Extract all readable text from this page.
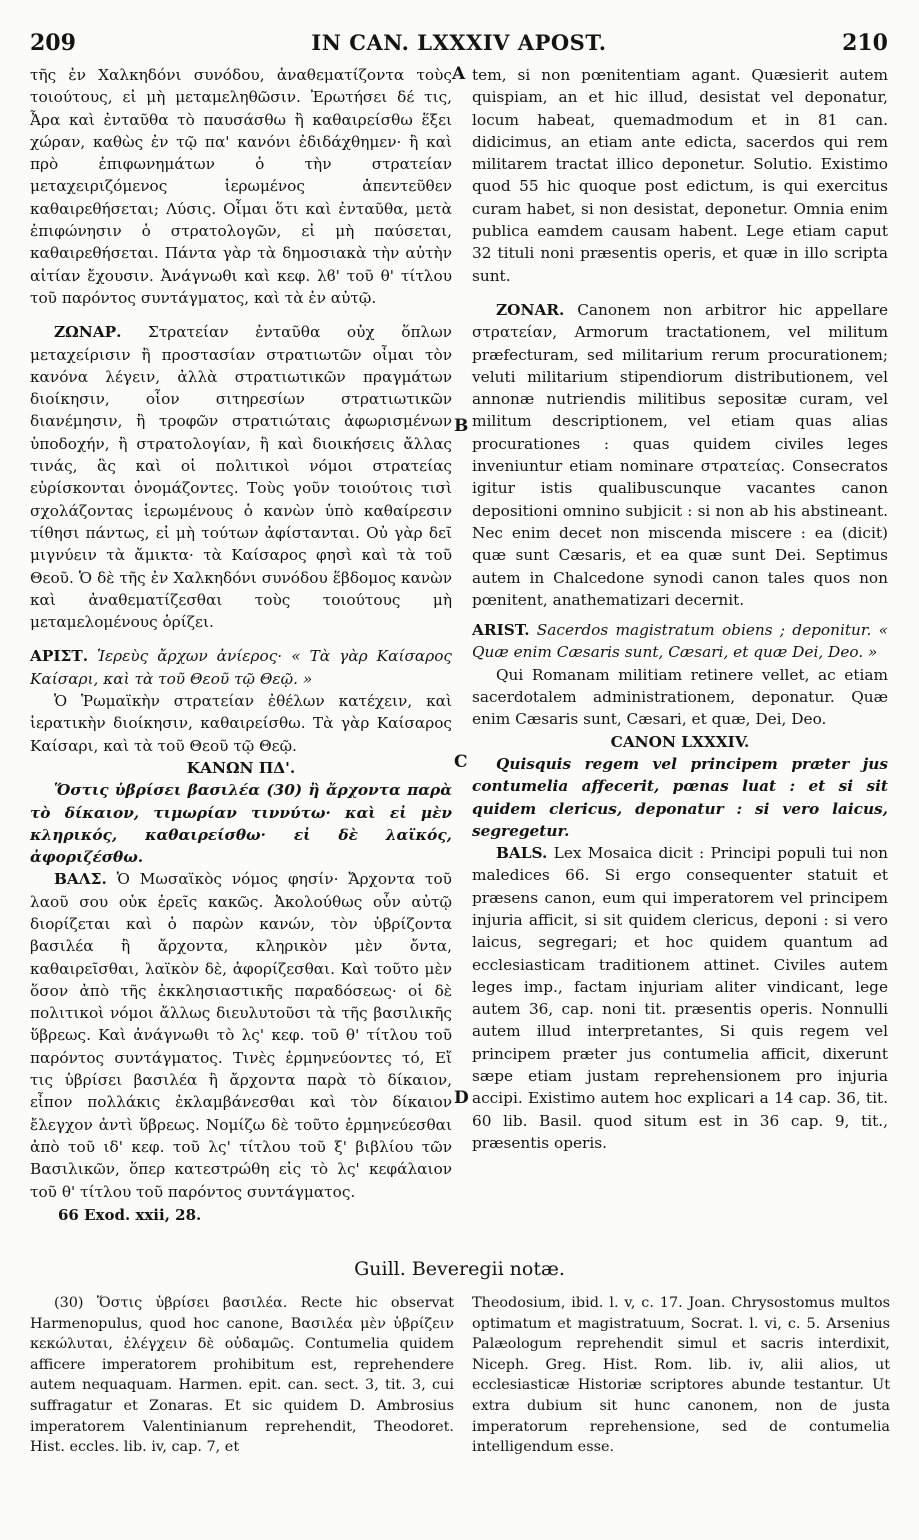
209	IN CAN. LXXXIV APOST.	210
A
B
C
D

τῆς ἐν Χαλκηδόνι συνόδου, ἀναθεματίζοντα τοὺς τοιούτους, εἰ μὴ μεταμεληθῶσιν. Ἐρωτήσει δέ τις, Ἆρα καὶ ἐνταῦθα τὸ παυσάσθω ἢ καθαιρείσθω ἕξει χώραν, καθὼς ἐν τῷ πα' κανόνι ἐδιδάχθημεν· ἢ καὶ πρὸ ἐπιφωνημάτων ὁ τὴν στρατείαν μεταχειριζόμενος ἱερωμένος ἀπεντεῦθεν καθαιρεθήσεται; Λύσις. Οἶμαι ὅτι καὶ ἐνταῦθα, μετὰ ἐπιφώνησιν ὁ στρατολογῶν, εἰ μὴ παύσεται, καθαιρεθήσεται. Πάντα γὰρ τὰ δημοσιακὰ τὴν αὐτὴν αἰτίαν ἔχουσιν. Ἀνάγνωθι καὶ κεφ. λϐ' τοῦ θ' τίτλου τοῦ παρόντος συντάγματος, καὶ τὰ ἐν αὐτῷ.

ΖΩΝΑΡ. Στρατείαν ἐνταῦθα οὐχ ὅπλων μεταχείρισιν ἢ προστασίαν στρατιωτῶν οἶμαι τὸν κανόνα λέγειν, ἀλλὰ στρατιωτικῶν πραγμάτων διοίκησιν, οἷον σιτηρεσίων στρατιωτικῶν διανέμησιν, ἢ τροφῶν στρατιώταις ἀφωρισμένων ὑποδοχήν, ἢ στρατολογίαν, ἢ καὶ διοικήσεις ἄλλας τινάς, ἃς καὶ οἱ πολιτικοὶ νόμοι στρατείας εὑρίσκονται ὀνομάζοντες. Τοὺς γοῦν τοιούτοις τισὶ σχολάζοντας ἱερωμένους ὁ κανὼν ὑπὸ καθαίρεσιν τίθησι πάντως, εἰ μὴ τούτων ἀφίστανται. Οὐ γὰρ δεῖ μιγνύειν τὰ ἄμικτα· τὰ Καίσαρος φησὶ καὶ τὰ τοῦ Θεοῦ. Ὁ δὲ τῆς ἐν Χαλκηδόνι συνόδου ἕβδομος κανὼν καὶ ἀναθεματίζεσθαι τοὺς τοιούτους μὴ μεταμελομένους ὁρίζει.

ΑΡΙΣΤ. Ἱερεὺς ἄρχων ἀνίερος· « Τὰ γὰρ Καίσαρος Καίσαρι, καὶ τὰ τοῦ Θεοῦ τῷ Θεῷ. »

Ὁ Ῥωμαϊκὴν στρατείαν ἐθέλων κατέχειν, καὶ ἱερατικὴν διοίκησιν, καθαιρείσθω. Τὰ γὰρ Καίσαρος Καίσαρι, καὶ τὰ τοῦ Θεοῦ τῷ Θεῷ.

ΚΑΝΩΝ ΠΔ'.

Ὅστις ὑβρίσει βασιλέα (30) ἢ ἄρχοντα παρὰ τὸ δίκαιον, τιμωρίαν τιννύτω· καὶ εἰ μὲν κληρικός, καθαιρείσθω· εἰ δὲ λαϊκός, ἀφοριζέσθω.

ΒΑΛΣ. Ὁ Μωσαϊκὸς νόμος φησίν· Ἄρχοντα τοῦ λαοῦ σου οὐκ ἐρεῖς κακῶς. Ἀκολούθως οὖν αὐτῷ διορίζεται καὶ ὁ παρὼν κανών, τὸν ὑβρίζοντα βασιλέα ἢ ἄρχοντα, κληρικὸν μὲν ὄντα, καθαιρεῖσθαι, λαϊκὸν δὲ, ἀφορίζεσθαι. Καὶ τοῦτο μὲν ὅσον ἀπὸ τῆς ἐκκλησιαστικῆς παραδόσεως· οἱ δὲ πολιτικοὶ νόμοι ἄλλως διευλυτοῦσι τὰ τῆς βασιλικῆς ὕβρεως. Καὶ ἀνάγνωθι τὸ λς' κεφ. τοῦ θ' τίτλου τοῦ παρόντος συντάγματος. Τινὲς ἑρμηνεύοντες τό, Εἴ τις ὑβρίσει βασιλέα ἢ ἄρχοντα παρὰ τὸ δίκαιον, εἶπον πολλάκις ἐκλαμβάνεσθαι καὶ τὸν δίκαιον ἔλεγχον ἀντὶ ὕβρεως. Νομίζω δὲ τοῦτο ἑρμηνεύεσθαι ἀπὸ τοῦ ιδ' κεφ. τοῦ λς' τίτλου τοῦ ξ' βιβλίου τῶν Βασιλικῶν, ὅπερ κατεστρώθη εἰς τὸ λς' κεφάλαιον τοῦ θ' τίτλου τοῦ παρόντος συντάγματος.

tem, si non pœnitentiam agant. Quæsierit autem quispiam, an et hic illud, desistat vel deponatur, locum habeat, quemadmodum et in 81 can. didicimus, an etiam ante edicta, sacerdos qui rem militarem tractat illico deponetur. Solutio. Existimo quod 55 hic quoque post edictum, is qui exercitus curam habet, si non desistat, deponetur. Omnia enim publica eamdem causam habent. Lege etiam caput 32 tituli noni præsentis operis, et quæ in illo scripta sunt.

ZONAR. Canonem non arbitror hic appellare στρατείαν, Armorum tractationem, vel militum præfecturam, sed militarium rerum procurationem; veluti militarium stipendiorum distributionem, vel annonæ nutriendis militibus sepositæ curam, vel militum descriptionem, vel etiam quas alias procurationes : quas quidem civiles leges inveniuntur etiam nominare στρατείας. Consecratos igitur istis qualibuscunque vacantes canon depositioni omnino subjicit : si non ab his abstineant. Nec enim decet non miscenda miscere : ea (dicit) quæ sunt Cæsaris, et ea quæ sunt Dei. Septimus autem in Chalcedone synodi canon tales quos non pœnitent, anathematizari decernit.

ARIST. Sacerdos magistratum obiens ; deponitur. « Quæ enim Cæsaris sunt, Cæsari, et quæ Dei, Deo. »

Qui Romanam militiam retinere vellet, ac etiam sacerdotalem administrationem, deponatur. Quæ enim Cæsaris sunt, Cæsari, et quæ, Dei, Deo.

CANON LXXXIV.

Quisquis regem vel principem præter jus contumelia affecerit, pœnas luat : et si sit quidem clericus, deponatur : si vero laicus, segregetur.

BALS. Lex Mosaica dicit : Principi populi tui non maledices 66. Si ergo consequenter statuit et præsens canon, eum qui imperatorem vel principem injuria afficit, si sit quidem clericus, deponi : si vero laicus, segregari; et hoc quidem quantum ad ecclesiasticam traditionem attinet. Civiles autem leges imp., factam injuriam aliter vindicant, lege autem 36, cap. noni tit. præsentis operis. Nonnulli autem illud interpretantes, Si quis regem vel principem præter jus contumelia afficit, dixerunt sæpe etiam justam reprehensionem pro injuria accipi. Existimo autem hoc explicari a 14 cap. 36, tit. 60 lib. Basil. quod situm est in 36 cap. 9, tit., præsentis operis.

66 Exod. xxii, 28.
Guill. Beveregii notæ.

(30) Ὅστις ὑβρίσει βασιλέα. Recte hic observat Harmenopulus, quod hoc canone, Βασιλέα μὲν ὑβρίζειν κεκώλυται, ἐλέγχειν δὲ οὐδαμῶς. Contumelia quidem afficere imperatorem prohibitum est, reprehendere autem nequaquam. Harmen. epit. can. sect. 3, tit. 3, cui suffragatur et Zonaras. Et sic quidem D. Ambrosius imperatorem Valentinianum reprehendit, Theodoret. Hist. eccles. lib. iv, cap. 7, et

Theodosium, ibid. l. v, c. 17. Joan. Chrysostomus multos optimatum et magistratuum, Socrat. l. vi, c. 5. Arsenius Palæologum reprehendit simul et sacris interdixit, Niceph. Greg. Hist. Rom. lib. iv, alii alios, ut ecclesiasticæ Historiæ scriptores abunde testantur. Ut extra dubium sit hunc canonem, non de justa imperatorum reprehensione, sed de contumelia intelligendum esse.
